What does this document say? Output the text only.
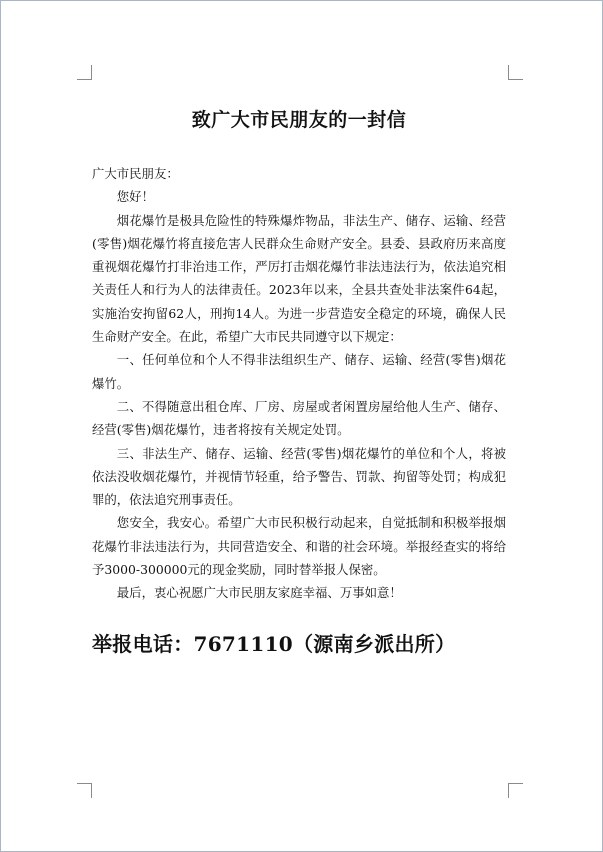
致广大市民朋友的一封信

广大市民朋友：

您好！

烟花爆竹是极具危险性的特殊爆炸物品，非法生产、储存、运输、经营(零售)烟花爆竹将直接危害人民群众生命财产安全。县委、县政府历来高度重视烟花爆竹打非治违工作，严厉打击烟花爆竹非法违法行为，依法追究相关责任人和行为人的法律责任。2023年以来，全县共查处非法案件64起，实施治安拘留62人，刑拘14人。为进一步营造安全稳定的环境，确保人民生命财产安全。在此，希望广大市民共同遵守以下规定：

一、任何单位和个人不得非法组织生产、储存、运输、经营(零售)烟花爆竹。

二、不得随意出租仓库、厂房、房屋或者闲置房屋给他人生产、储存、经营(零售)烟花爆竹，违者将按有关规定处罚。

三、非法生产、储存、运输、经营(零售)烟花爆竹的单位和个人，将被依法没收烟花爆竹，并视情节轻重，给予警告、罚款、拘留等处罚；构成犯罪的，依法追究刑事责任。

您安全，我安心。希望广大市民积极行动起来，自觉抵制和积极举报烟花爆竹非法违法行为，共同营造安全、和谐的社会环境。举报经查实的将给予3000-300000元的现金奖励，同时替举报人保密。

最后，衷心祝愿广大市民朋友家庭幸福、万事如意！

举报电话：7671110（源南乡派出所）
